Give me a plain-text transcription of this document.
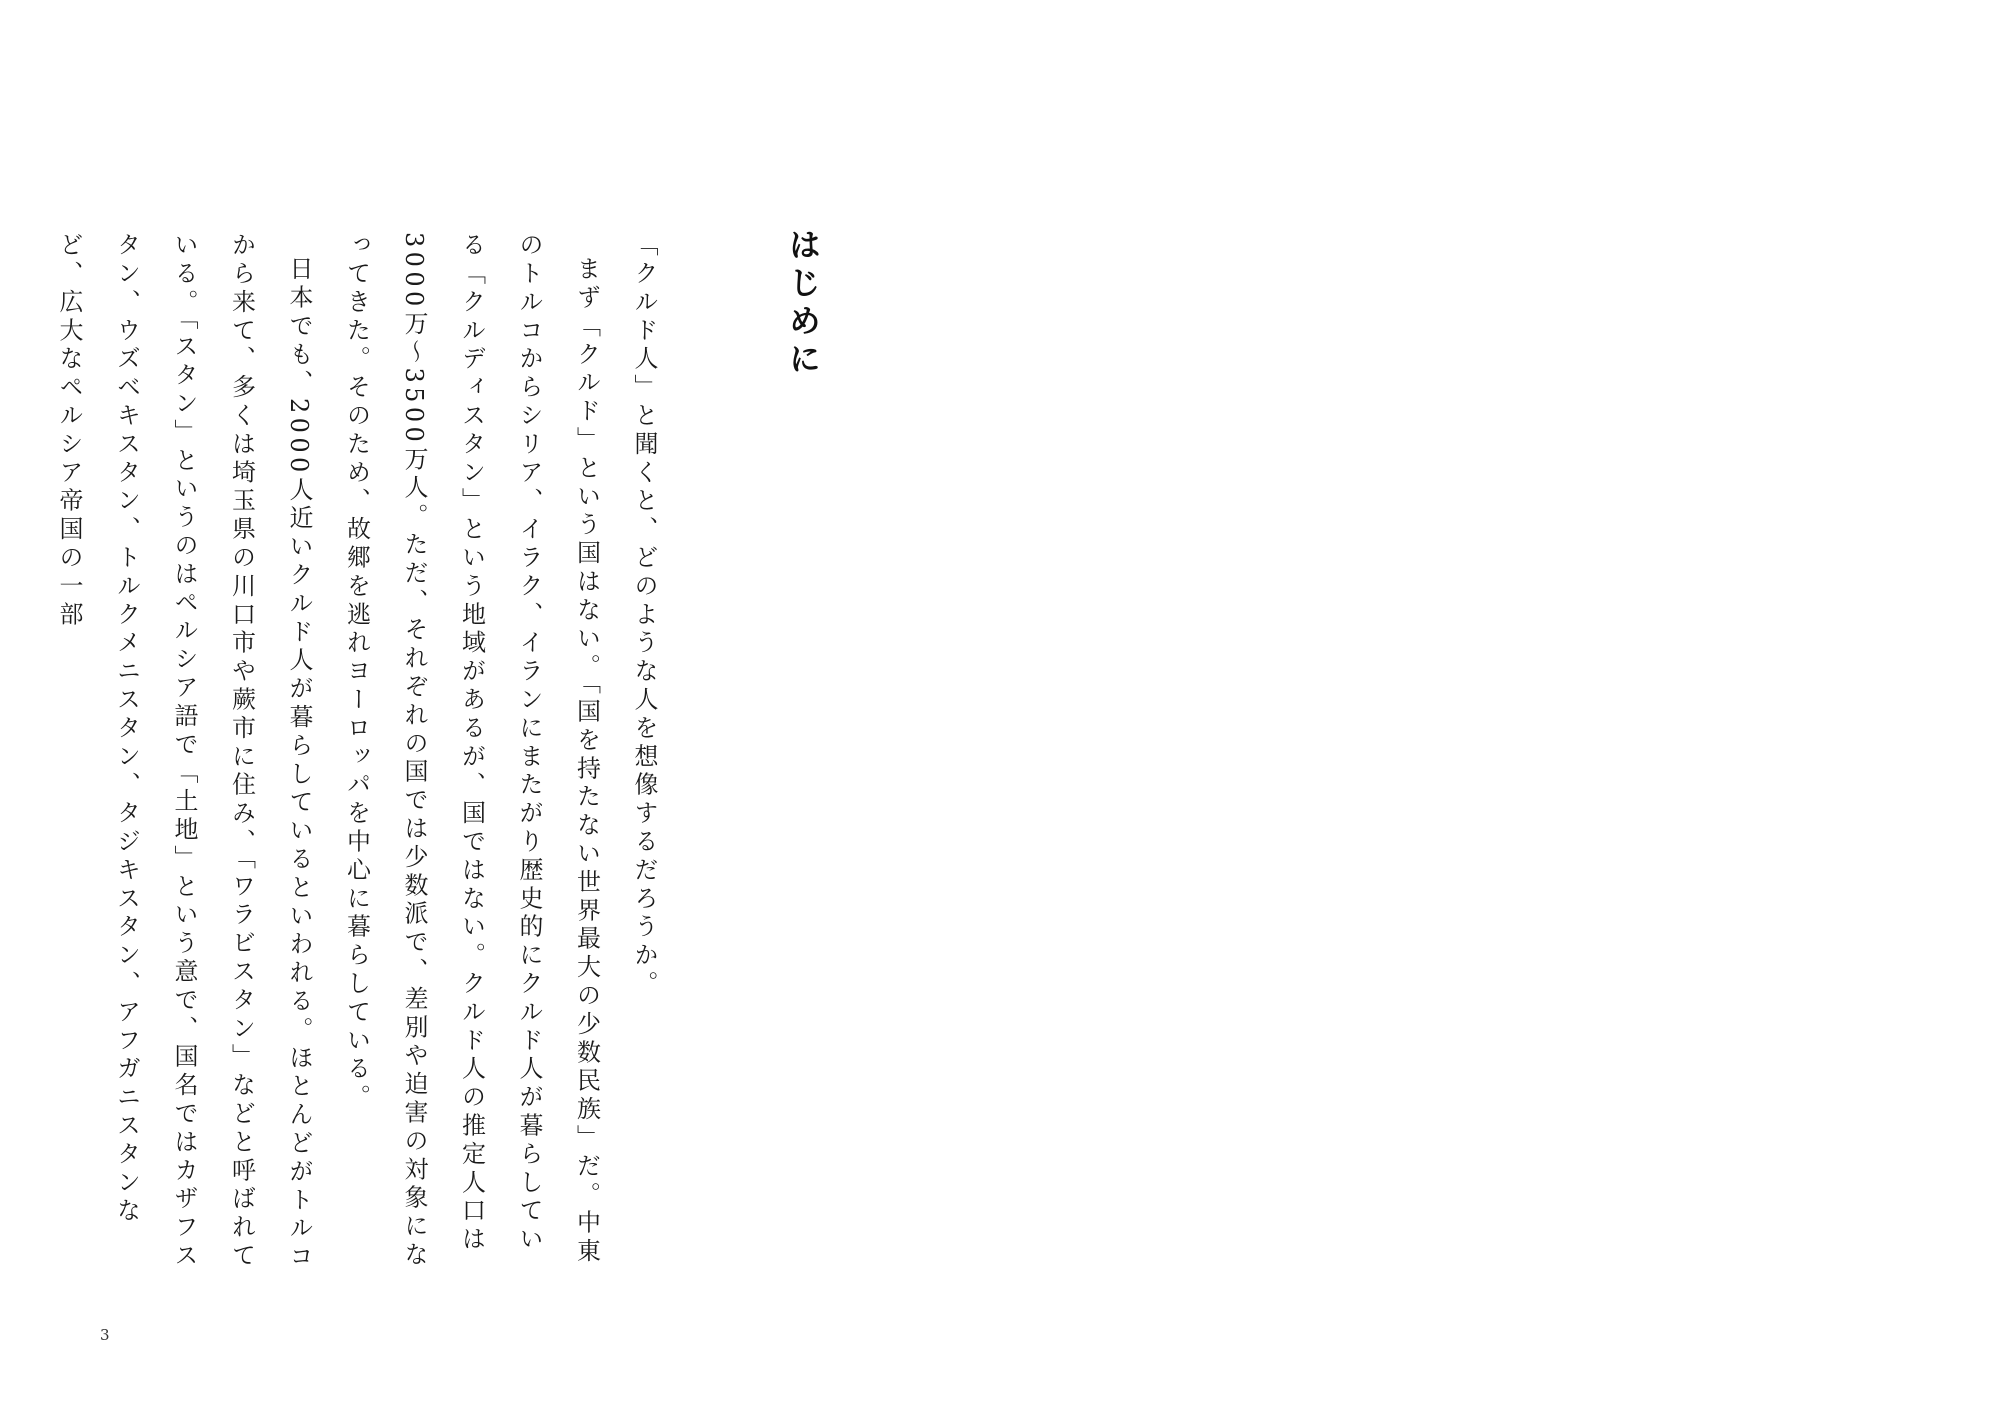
はじめに

「クルド人」と聞くと、どのような人を想像するだろうか。

まず「クルド」という国はない。「国を持たない世界最大の少数民族」だ。中東のトルコからシリア、イラク、イランにまたがり歴史的にクルド人が暮らしている「クルディスタン」という地域があるが、国ではない。クルド人の推定人口は3000万～3500万人。ただ、それぞれの国では少数派で、差別や迫害の対象になってきた。そのため、故郷を逃れヨーロッパを中心に暮らしている。

日本でも、2000人近いクルド人が暮らしているといわれる。ほとんどがトルコから来て、多くは埼玉県の川口市や蕨市に住み、「ワラビスタン」などと呼ばれている。「スタン」というのはペルシア語で「土地」という意で、国名ではカザフスタン、ウズベキスタン、トルクメニスタン、タジキスタン、アフガニスタンなど、広大なペルシア帝国の一部

3
